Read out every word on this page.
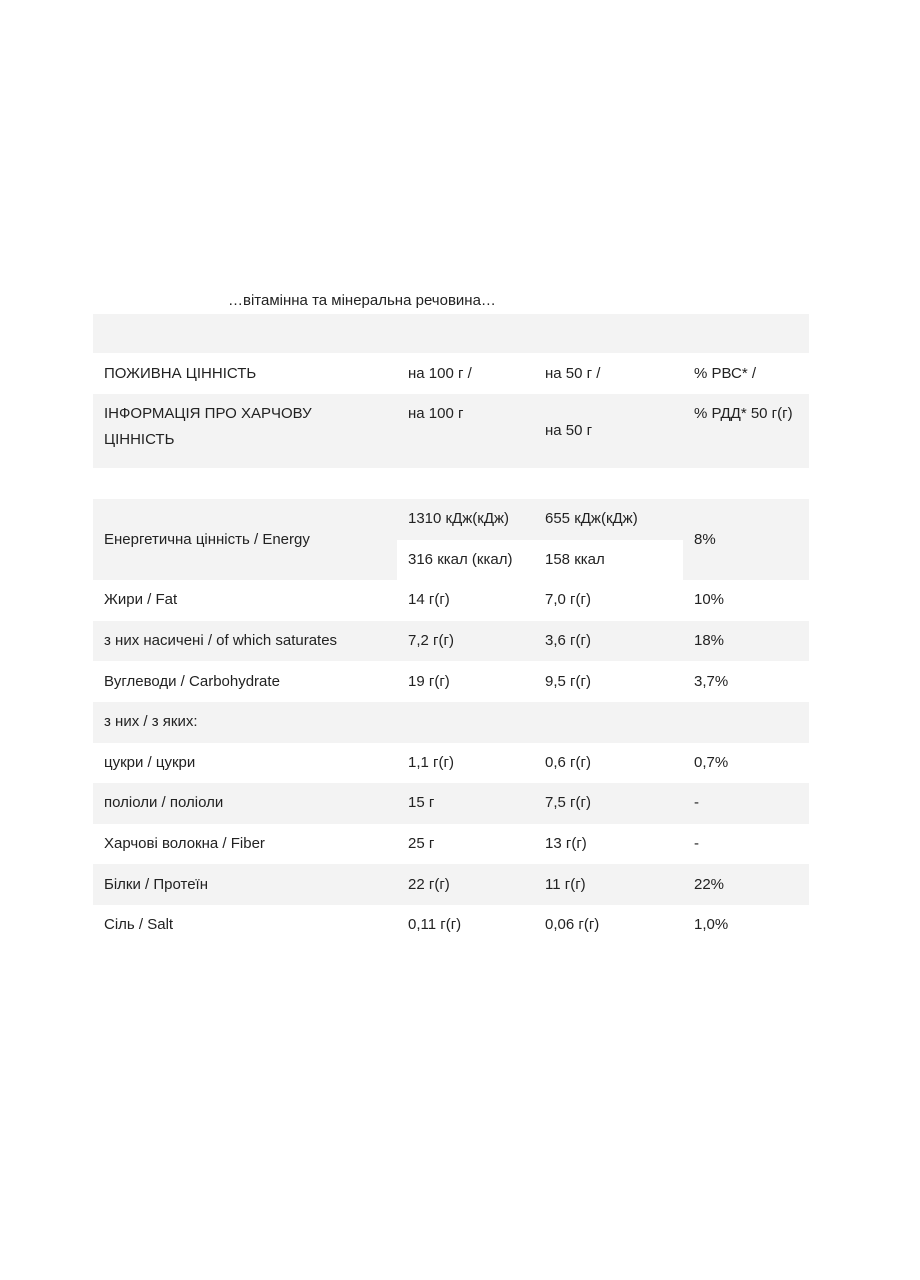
…вітамінна та мінеральна речовина…

ПОЖИВНА ЦІННІСТЬ	на 100 г /	на 50 г /	% РВС* /
ІНФОРМАЦІЯ ПРО ХАРЧОВУ ЦІННІСТЬ	на 100 г	на 50 г	% РДД* 50 г(г)
Енергетична цінність / Energy	1310 кДж(кДж)	655 кДж(кДж)	8%
	316 ккал (ккал)	158 ккал	
Жири / Fat	14 г(г)	7,0 г(г)	10%
з них насичені / of which saturates	7,2 г(г)	3,6 г(г)	18%
Вуглеводи / Carbohydrate	19 г(г)	9,5 г(г)	3,7%
з них / з яких:			
цукри / цукри	1,1 г(г)	0,6 г(г)	0,7%
поліоли / поліоли	15 г	7,5 г(г)	-
Харчові волокна / Fiber	25 г	13 г(г)	-
Білки / Протеїн	22 г(г)	11 г(г)	22%
Сіль / Salt	0,11 г(г)	0,06 г(г)	1,0%
